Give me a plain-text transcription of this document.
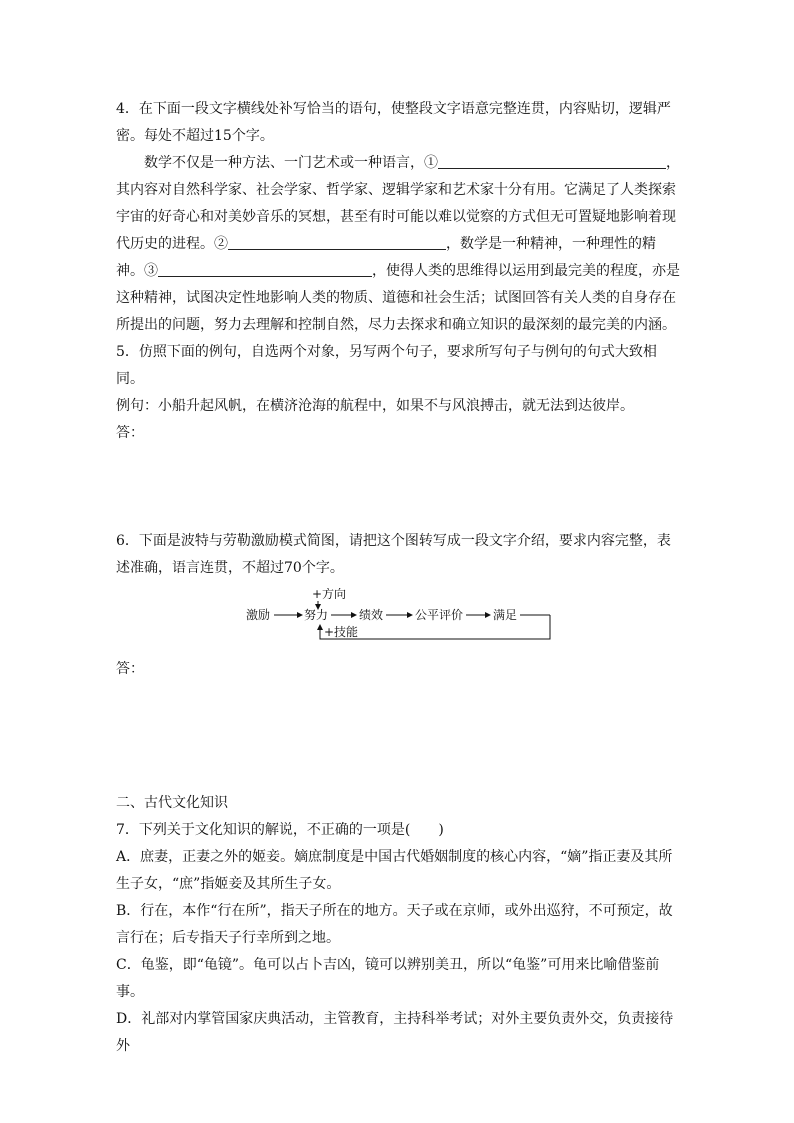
4．在下面一段文字横线处补写恰当的语句，使整段文字语意完整连贯，内容贴切，逻辑严密。每处不超过15个字。

数学不仅是一种方法、一门艺术或一种语言，①	，其内容对自然科学家、社会学家、哲学家、逻辑学家和艺术家十分有用。它满足了人类探索宇宙的好奇心和对美妙音乐的冥想，甚至有时可能以难以觉察的方式但无可置疑地影响着现代历史的进程。②	，数学是一种精神，一种理性的精神。③	，使得人类的思维得以运用到最完美的程度，亦是这种精神，试图决定性地影响人类的物质、道德和社会生活；试图回答有关人类的自身存在所提出的问题，努力去理解和控制自然，尽力去探求和确立知识的最深刻的最完美的内涵。

5．仿照下面的例句，自选两个对象，另写两个句子，要求所写句子与例句的句式大致相同。

例句：小船升起风帆，在横济沧海的航程中，如果不与风浪搏击，就无法到达彼岸。

答：

6．下面是波特与劳勒激励模式简图，请把这个图转写成一段文字介绍，要求内容完整，表述准确，语言连贯，不超过70个字。

+方向
激励	努力	绩效	公平评价 满足
+技能

答：

二、古代文化知识

7．下列关于文化知识的解说，不正确的一项是(　　)

A．庶妻，正妻之外的姬妾。嫡庶制度是中国古代婚姻制度的核心内容，“嫡”指正妻及其所生子女，“庶”指姬妾及其所生子女。

B．行在，本作“行在所”，指天子所在的地方。天子或在京师，或外出巡狩，不可预定，故言行在；后专指天子行幸所到之地。

C．龟鉴，即“龟镜”。龟可以占卜吉凶，镜可以辨别美丑，所以“龟鉴”可用来比喻借鉴前事。

D．礼部对内掌管国家庆典活动，主管教育，主持科举考试；对外主要负责外交，负责接待外
